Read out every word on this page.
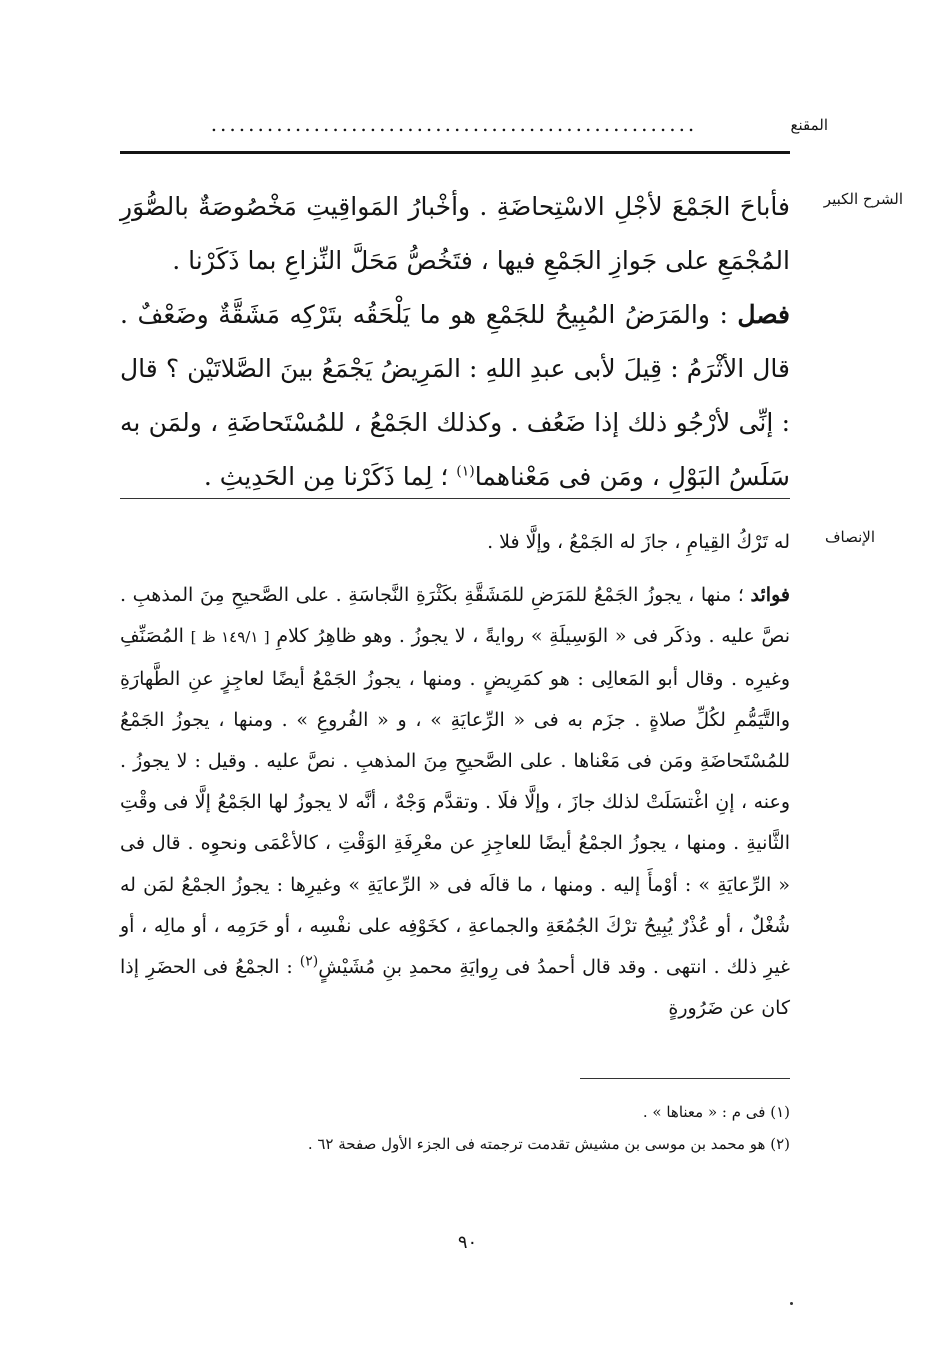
المقنع
....................................................
الشرح الكبير

فأباحَ الجَمْعَ لأجْلِ الاسْتِحاضَةِ . وأخْبارُ المَواقِيتِ مَخْصُوصَةٌ بالصُّوَرِ المُجْمَعِ على جَوازِ الجَمْعِ فيها ، فتَخُصُّ مَحَلَّ النِّزاعِ بما ذَكَرْنا .

فصل : والمَرَضُ المُبِيحُ للجَمْعِ هو ما يَلْحَقُه بتَرْكِه مَشَقَّةٌ وضَعْفٌ . قال الأثْرَمُ : قِيلَ لأبى عبدِ اللهِ : المَرِيضُ يَجْمَعُ بينَ الصَّلاتَيْن ؟ قال : إنِّى لأرْجُو ذلك إذا ضَعُف . وكذلك الجَمْعُ ، للمُسْتَحاضَةِ ، ولمَن به سَلَسُ البَوْلِ ، ومَن فى مَعْناهما$^{(١)}$ ؛ لِما ذَكَرْنا مِن الحَدِيثِ .

الإنصاف

له تَرْكُ القِيامِ ، جازَ له الجَمْعُ ، وإلَّا فلا .

فوائد ؛ منها ، يجوزُ الجَمْعُ للمَرَضِ للمَشَقَّةِ بكَثْرَةِ النَّجاسَةِ . على الصَّحيحِ مِنَ المذهبِ . نصَّ عليه . وذكَر فى « الوَسِيلَةِ » روايةً ، لا يجوزُ . وهو ظاهِرُ كلامِ [ ١٤٩/١ ظ ] المُصَنِّفِ وغيرِه . وقال أبو المَعالِى : هو كمَرِيضٍ . ومنها ، يجوزُ الجَمْعُ أيضًا لعاجِزٍ عنِ الطَّهارَةِ والتَّيَمُّمِ لكُلِّ صلاةٍ . جزَم به فى « الرِّعايَةِ » ، و « الفُروعِ » . ومنها ، يجوزُ الجَمْعُ للمُسْتَحاضَةِ ومَن فى مَعْناها . على الصَّحيحِ مِنَ المذهبِ . نصَّ عليه . وقيل : لا يجوزُ . وعنه ، إنِ اغْتسَلَتْ لذلك جازَ ، وإلَّا فلَا . وتقدَّم وَجْهٌ ، أنَّه لا يجوزُ لها الجَمْعُ إلَّا فى وقْتِ الثَّانيةِ . ومنها ، يجوزُ الجمْعُ أيضًا للعاجِزِ عن معْرِفَةِ الوَقْتِ ، كالأعْمَى ونحوِه . قال فى « الرِّعايَةِ » : أوْمأَ إليه . ومنها ، ما قالَه فى « الرِّعايَةِ » وغيرِها : يجوزُ الجمْعُ لمَن له شُغْلٌ ، أو عُذْرٌ يُبِيحُ ترْكَ الجُمُعَةِ والجماعةِ ، كخَوْفِه على نفْسِه ، أو حَرَمِه ، أو مالِه ، أو غيرِ ذلك . انتهى . وقد قال أحمدُ فى رِوايَةِ محمدِ بنِ مُشَيْشٍ$^{(٢)}$ : الجمْعُ فى الحضَرِ إذا كان عن ضَرُورةٍ

(١) فى م : « معناها » .

(٢) هو محمد بن موسى بن مشيش تقدمت ترجمته فى الجزء الأول صفحة ٦٢ .

٩٠
